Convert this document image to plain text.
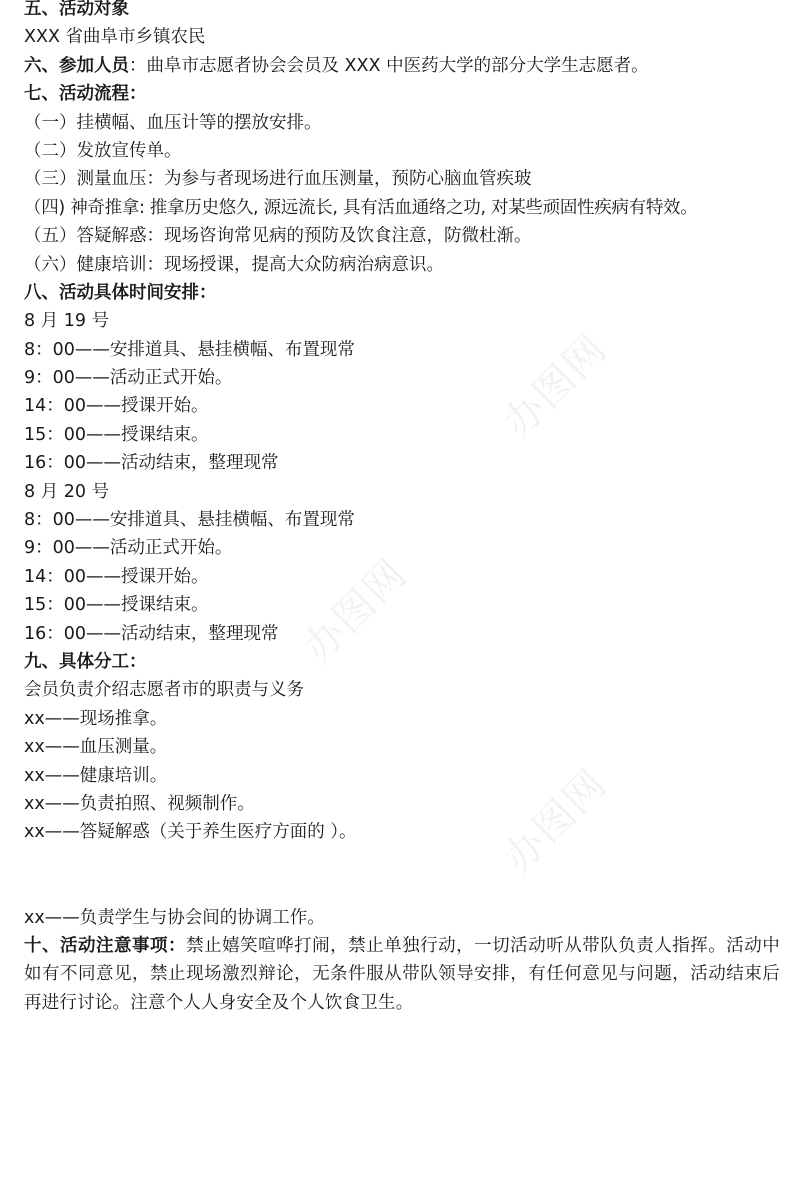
办图网
办图网
办图网
五、活动对象
XXX 省曲阜市乡镇农民
六、参加人员：曲阜市志愿者协会会员及 XXX 中医药大学的部分大学生志愿者。
七、活动流程：
（一）挂横幅、血压计等的摆放安排。
（二）发放宣传单。
（三）测量血压：为参与者现场进行血压测量，预防心脑血管疾玻
（四) 神奇推拿: 推拿历史悠久, 源远流长, 具有活血通络之功, 对某些顽固性疾病有特效。
（五）答疑解惑：现场咨询常见病的预防及饮食注意，防微杜渐。
（六）健康培训：现场授课，提高大众防病治病意识。
八、活动具体时间安排：
8 月 19 号
8：00——安排道具、悬挂横幅、布置现常
9：00——活动正式开始。
14：00——授课开始。
15：00——授课结束。
16：00——活动结束，整理现常
8 月 20 号
8：00——安排道具、悬挂横幅、布置现常
9：00——活动正式开始。
14：00——授课开始。
15：00——授课结束。
16：00——活动结束，整理现常
九、具体分工：
会员负责介绍志愿者市的职责与义务
xx——现场推拿。
xx——血压测量。
xx——健康培训。
xx——负责拍照、视频制作。
xx——答疑解惑（关于养生医疗方面的 ）。
xx——负责学生与协会间的协调工作。
十、活动注意事项：禁止嬉笑喧哗打闹，禁止单独行动，一切活动听从带队负责人指挥。活动中如有不同意见，禁止现场激烈辩论，无条件服从带队领导安排，有任何意见与问题，活动结束后再进行讨论。注意个人人身安全及个人饮食卫生。
